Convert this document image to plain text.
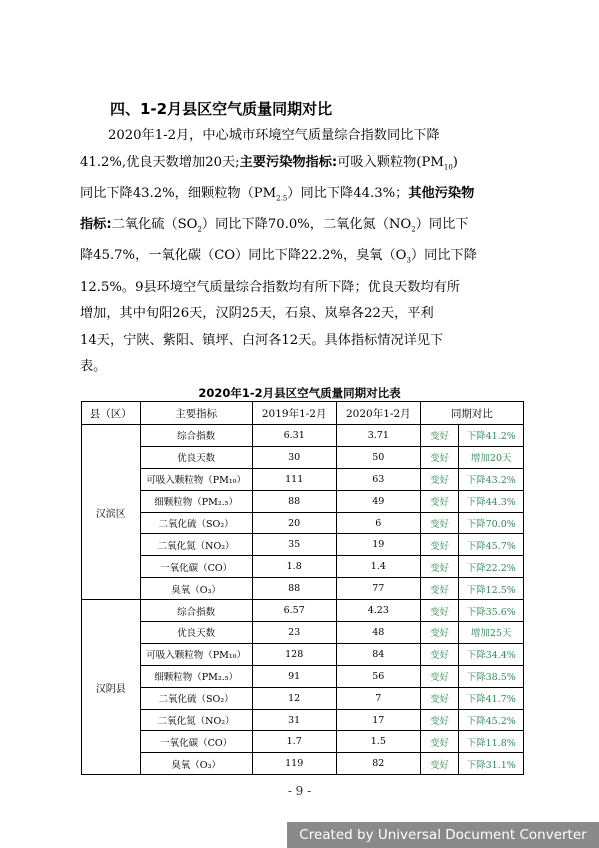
四、1-2月县区空气质量同期对比
2020年1-2月，中心城市环境空气质量综合指数同比下降
41.2%,优良天数增加20天;主要污染物指标:可吸入颗粒物$(PM_{10})$
同比下降43.2%，细颗粒物$(PM_{2.5})$同比下降44.3%；其他污染物
指标:二氧化硫$(SO_2)$同比下降70.0%，二氧化氮$(NO_2)$同比下
降45.7%，一氧化碳（CO）同比下降22.2%，臭氧$(O_3)$同比下降
12.5%。9县环境空气质量综合指数均有所下降；优良天数均有所
增加，其中旬阳26天，汉阴25天，石泉、岚皋各22天，平利
14天，宁陕、紫阳、镇坪、白河各12天。具体指标情况详见下
表。
2020年1-2月县区空气质量同期对比表
县（区）	主要指标	2019年1-2月	2020年1-2月	同期对比	
汉滨区	综合指数	6.31	3.71	变好	下降41.2%
	优良天数	30	50	变好	增加20天
	可吸入颗粒物（PM₁₀）	111	63	变好	下降43.2%
	细颗粒物（PM₂.₅）	88	49	变好	下降44.3%
	二氧化硫（SO₂）	20	6	变好	下降70.0%
	二氧化氮（NO₂）	35	19	变好	下降45.7%
	一氧化碳（CO）	1.8	1.4	变好	下降22.2%
	臭氧（O₃）	88	77	变好	下降12.5%
汉阴县	综合指数	6.57	4.23	变好	下降35.6%
	优良天数	23	48	变好	增加25天
	可吸入颗粒物（PM₁₀）	128	84	变好	下降34.4%
	细颗粒物（PM₂.₅）	91	56	变好	下降38.5%
	二氧化硫（SO₂）	12	7	变好	下降41.7%
	二氧化氮（NO₂）	31	17	变好	下降45.2%
	一氧化碳（CO）	1.7	1.5	变好	下降11.8%
	臭氧（O₃）	119	82	变好	下降31.1%
- 9 -
Created by Universal Document Converter
